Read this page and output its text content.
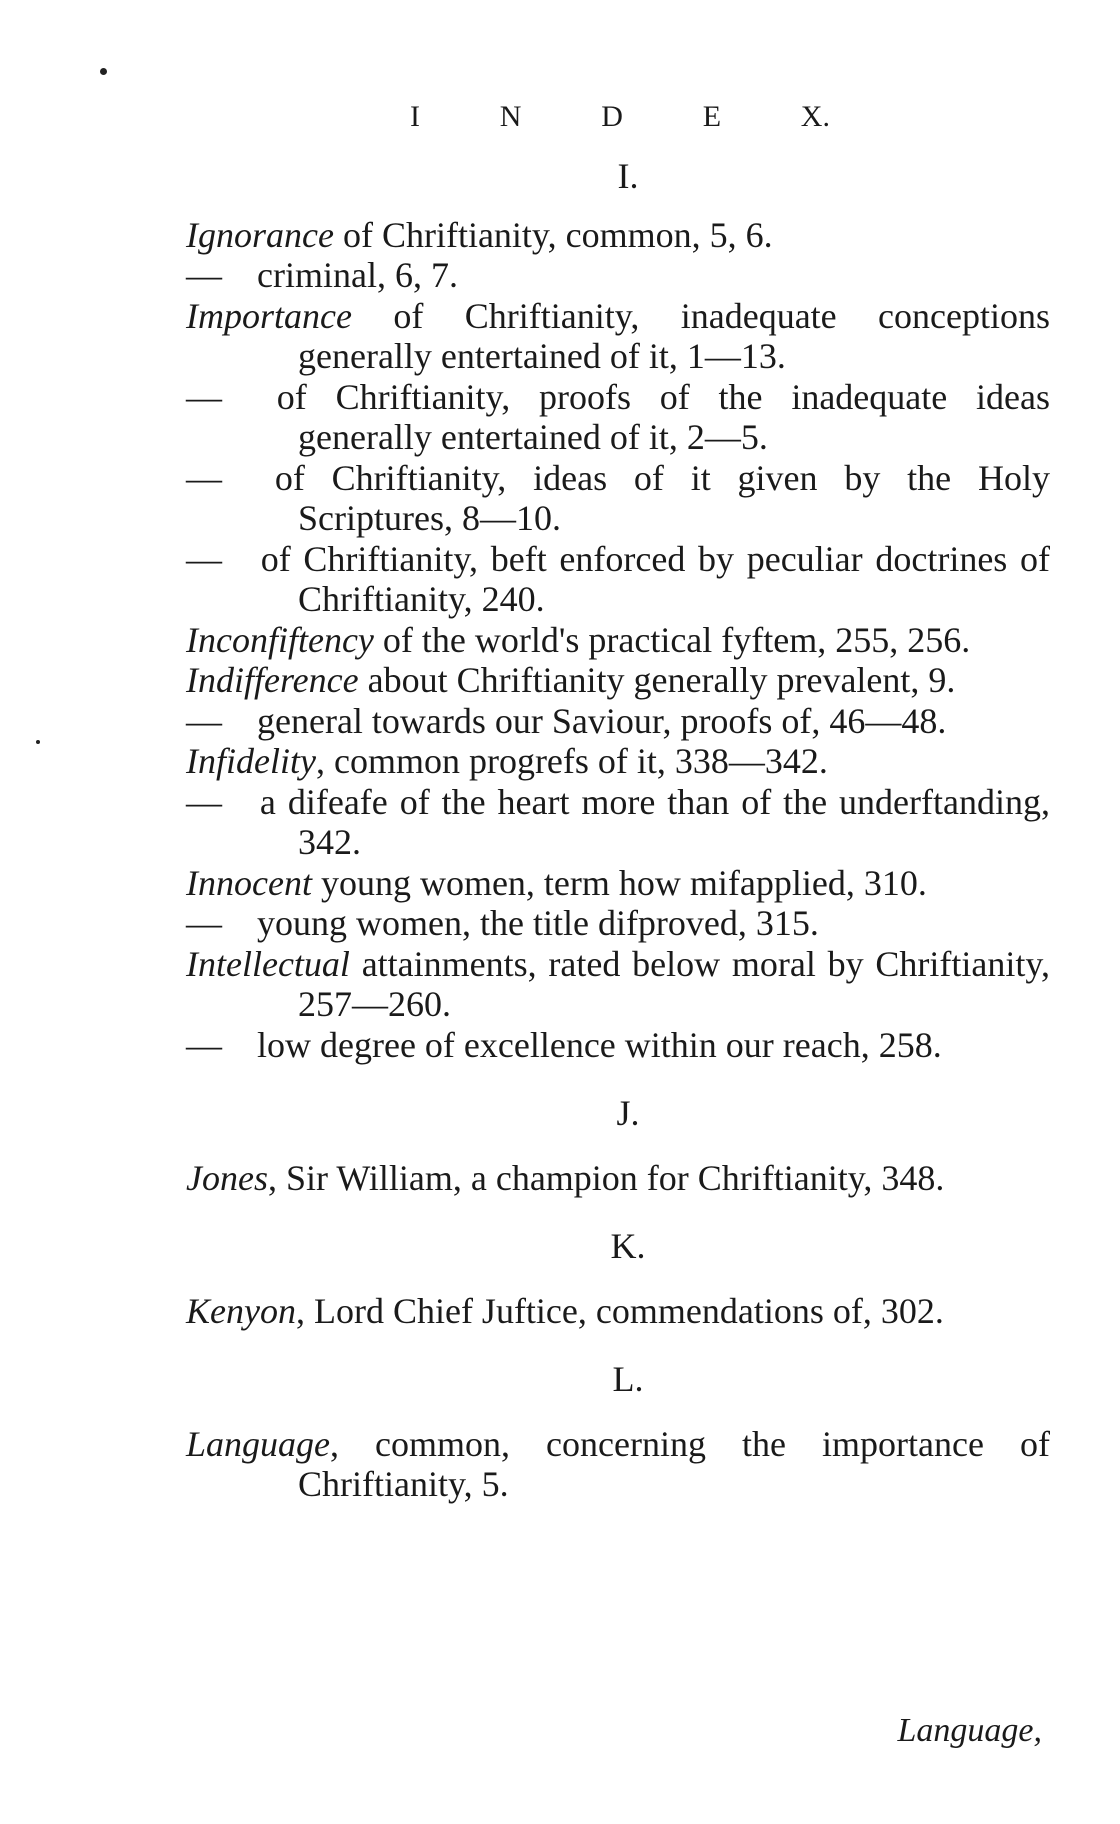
I	N	D	E	X.

I.

Ignorance of Chriftianity, common, 5, 6.

— criminal, 6, 7.

Importance of Chriftianity, inadequate conceptions generally entertained of it, 1—13.

— of Chriftianity, proofs of the inadequate ideas generally entertained of it, 2—5.

— of Chriftianity, ideas of it given by the Holy Scriptures, 8—10.

— of Chriftianity, beft enforced by peculiar doctrines of Chriftianity, 240.

Inconfiftency of the world's practical fyftem, 255, 256.

Indifference about Chriftianity generally prevalent, 9.

— general towards our Saviour, proofs of, 46—48.

Infidelity, common progrefs of it, 338—342.

— a difeafe of the heart more than of the underftanding, 342.

Innocent young women, term how mifapplied, 310.

— young women, the title difproved, 315.

Intellectual attainments, rated below moral by Chriftianity, 257—260.

— low degree of excellence within our reach, 258.

J.

Jones, Sir William, a champion for Chriftianity, 348.

K.

Kenyon, Lord Chief Juftice, commendations of, 302.

L.

Language, common, concerning the importance of Chriftianity, 5.

Language,
